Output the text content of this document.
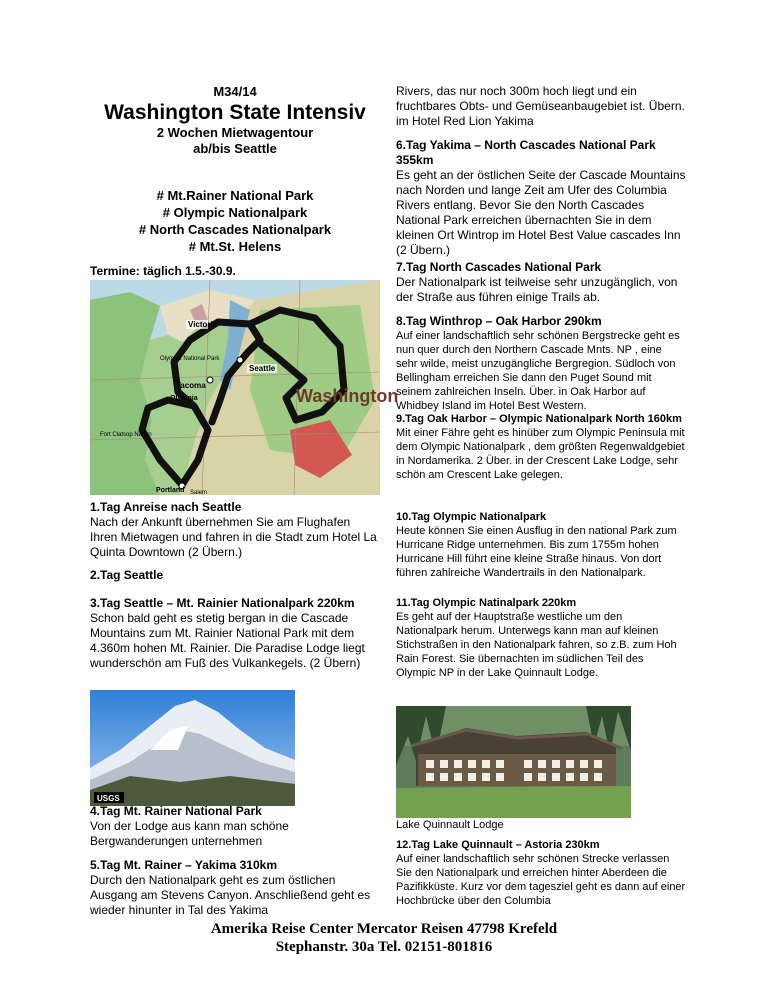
M34/14
Washington State Intensiv
2 Wochen Mietwagentour
ab/bis Seattle
# Mt.Rainer National Park
# Olympic Nationalpark
# North Cascades Nationalpark
# Mt.St. Helens
Termine: täglich 1.5.-30.9.
Victoria
Olympic National Park
Seattle
Tacoma
Olympia	Washington
Portland Salem
Fort Clatsop Nation
1.Tag Anreise nach Seattle
Nach der Ankunft übernehmen Sie am Flughafen Ihren Mietwagen und fahren in die Stadt zum Hotel La Quinta Downtown (2 Übern.)
2.Tag Seattle
3.Tag Seattle – Mt. Rainier Nationalpark 220km
Schon bald geht es stetig bergan in die Cascade Mountains zum Mt. Rainier National Park mit dem 4.360m hohen Mt. Rainier. Die Paradise Lodge liegt wunderschön am Fuß des Vulkankegels. (2 Übern)
USGS
4.Tag Mt. Rainer National Park
Von der Lodge aus kann man schöne Bergwanderungen unternehmen
5.Tag Mt. Rainer – Yakima 310km
Durch den Nationalpark geht es zum östlichen Ausgang am Stevens Canyon. Anschließend geht es wieder hinunter in Tal des Yakima
Rivers, das nur noch 300m hoch liegt und ein fruchtbares Obts- und Gemüseanbaugebiet ist. Übern. im Hotel Red Lion Yakima
6.Tag Yakima – North Cascades National Park 355km
Es geht an der östlichen Seite der Cascade Mountains nach Norden und lange Zeit am Ufer des Columbia Rivers entlang. Bevor Sie den North Cascades National Park erreichen übernachten Sie in dem kleinen Ort Wintrop im Hotel Best Value cascades Inn (2 Übern.)
7.Tag North Cascades National Park
Der Nationalpark ist teilweise sehr unzugänglich, von der Straße aus führen einige Trails ab.
8.Tag Winthrop – Oak Harbor 290km
Auf einer landschaftlich sehr schönen Bergstrecke geht es nun quer durch den Northern Cascade Mnts. NP , eine sehr wilde, meist unzugängliche Bergregion. Südloch von Bellingham erreichen Sie dann den Puget Sound mit seinem zahlreichen Inseln. Über. in Oak Harbor auf Whidbey Island im Hotel Best Western.
9.Tag Oak Harbor – Olympic Nationalpark North 160km
Mit einer Fähre geht es hinüber zum Olympic Peninsula mit dem Olympic Nationalpark , dem größten Regenwaldgebiet in Nordamerika. 2 Über. in der Crescent Lake Lodge, sehr schön am Crescent Lake gelegen.
10.Tag Olympic Nationalpark
Heute können Sie einen Ausflug in den national Park zum Hurricane Ridge unternehmen. Bis zum 1755m hohen Hurricane Hill führt eine kleine Straße hinaus. Von dort führen zahlreiche Wandertrails in den Nationalpark.
11.Tag Olympic Natinalpark 220km
Es geht auf der Hauptstraße westliche um den Nationalpark herum. Unterwegs kann man auf kleinen Stichstraßen in den Nationalpark fahren, so z.B. zum Hoh Rain Forest. Sie übernachten im südlichen Teil des Olympic NP in der Lake Quinnault Lodge.
Lake Quinnault Lodge
12.Tag Lake Quinnault – Astoria 230km
Auf einer landschaftlich sehr schönen Strecke verlassen Sie den Nationalpark und erreichen hinter Aberdeen die Pazifikküste. Kurz vor dem tagesziel geht es dann auf einer Hochbrücke über den Columbia
Amerika Reise Center Mercator Reisen 47798 Krefeld
Stephanstr. 30a Tel. 02151-801816
